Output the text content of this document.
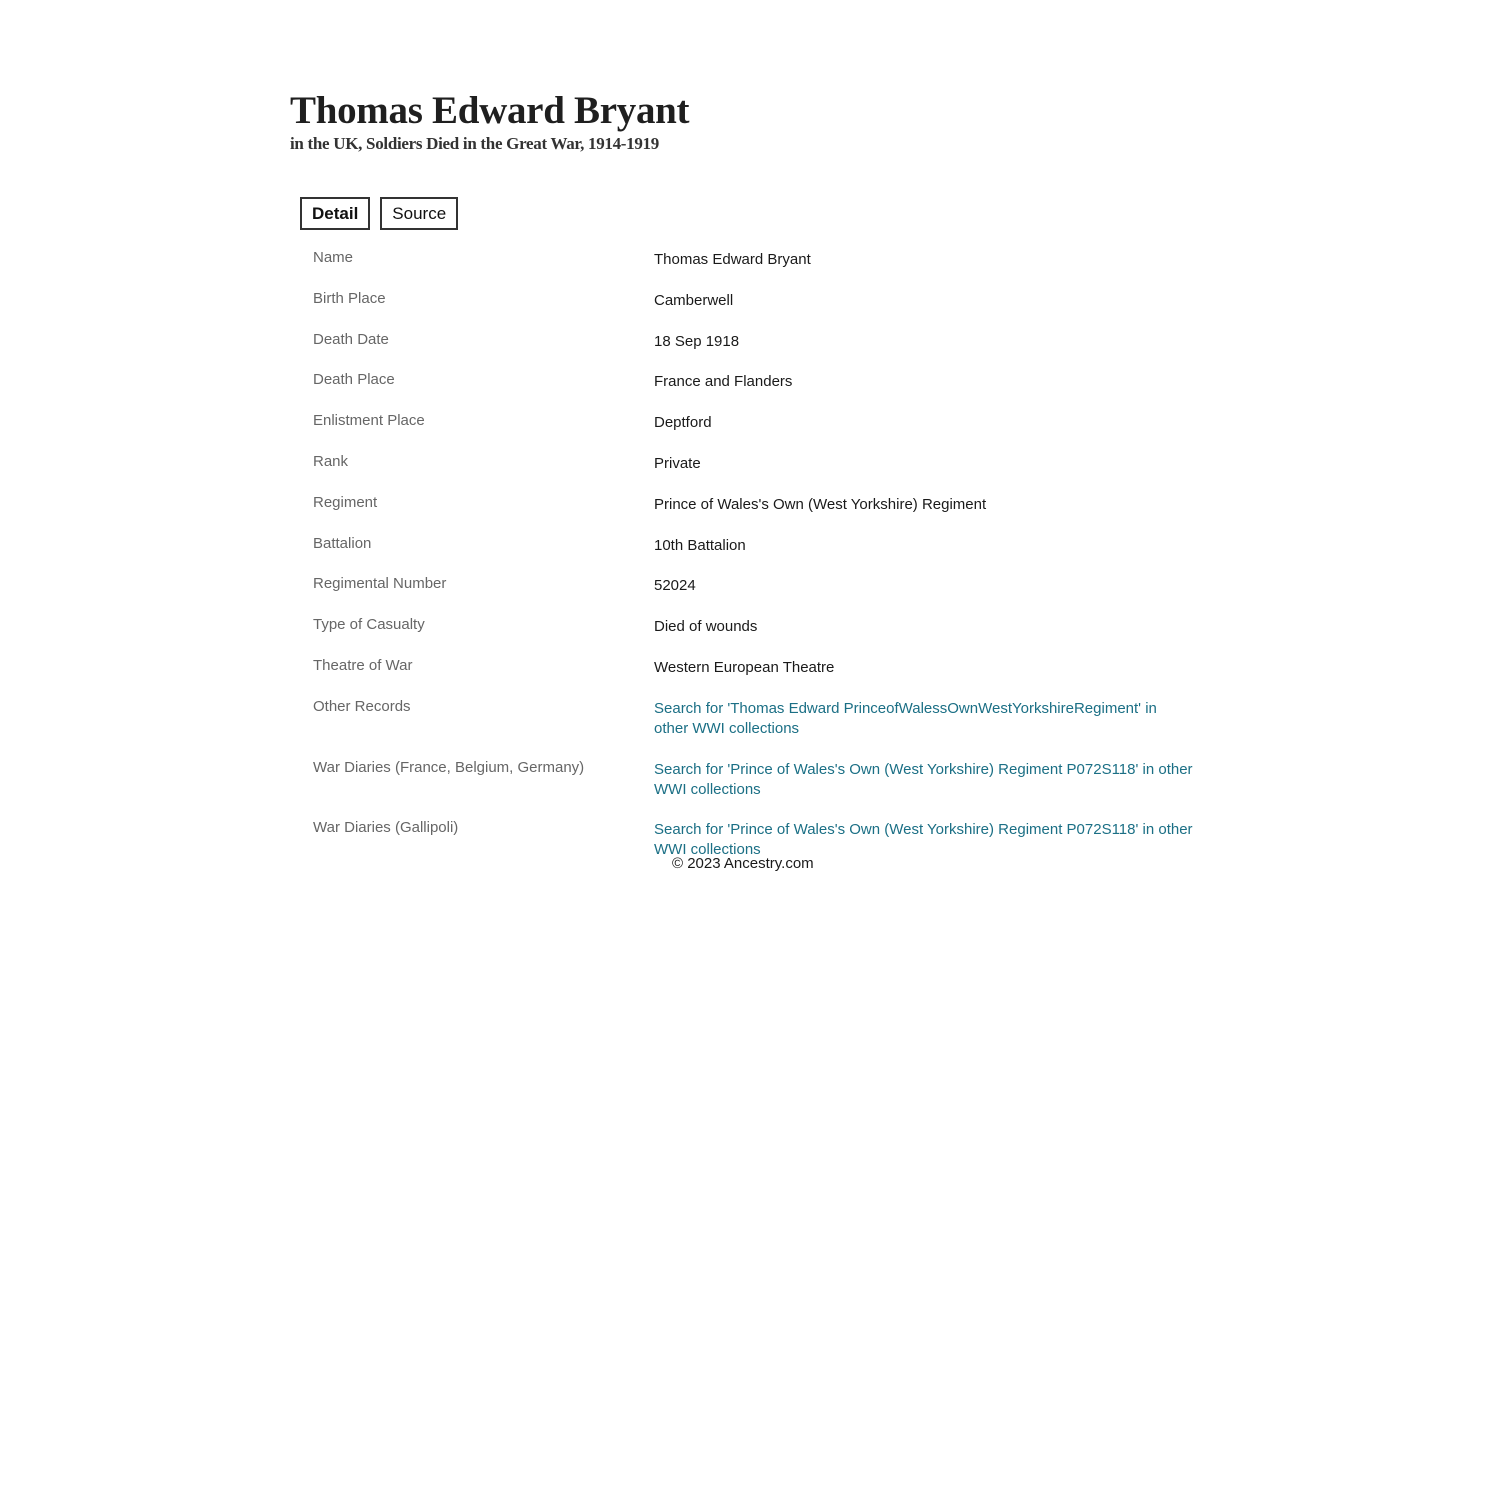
Thomas Edward Bryant
in the UK, Soldiers Died in the Great War, 1914-1919
Detail	Source
Name	Thomas Edward Bryant
Birth Place	Camberwell
Death Date	18 Sep 1918
Death Place	France and Flanders
Enlistment Place	Deptford
Rank	Private
Regiment	Prince of Wales's Own (West Yorkshire) Regiment
Battalion	10th Battalion
Regimental Number	52024
Type of Casualty	Died of wounds
Theatre of War	Western European Theatre
Other Records	Search for 'Thomas Edward PrinceofWalessOwnWestYorkshireRegiment' in other WWI collections
War Diaries (France, Belgium, Germany)	Search for 'Prince of Wales's Own (West Yorkshire) Regiment P072S118' in other WWI collections
War Diaries (Gallipoli)	Search for 'Prince of Wales's Own (West Yorkshire) Regiment P072S118' in other WWI collections
© 2023 Ancestry.com
